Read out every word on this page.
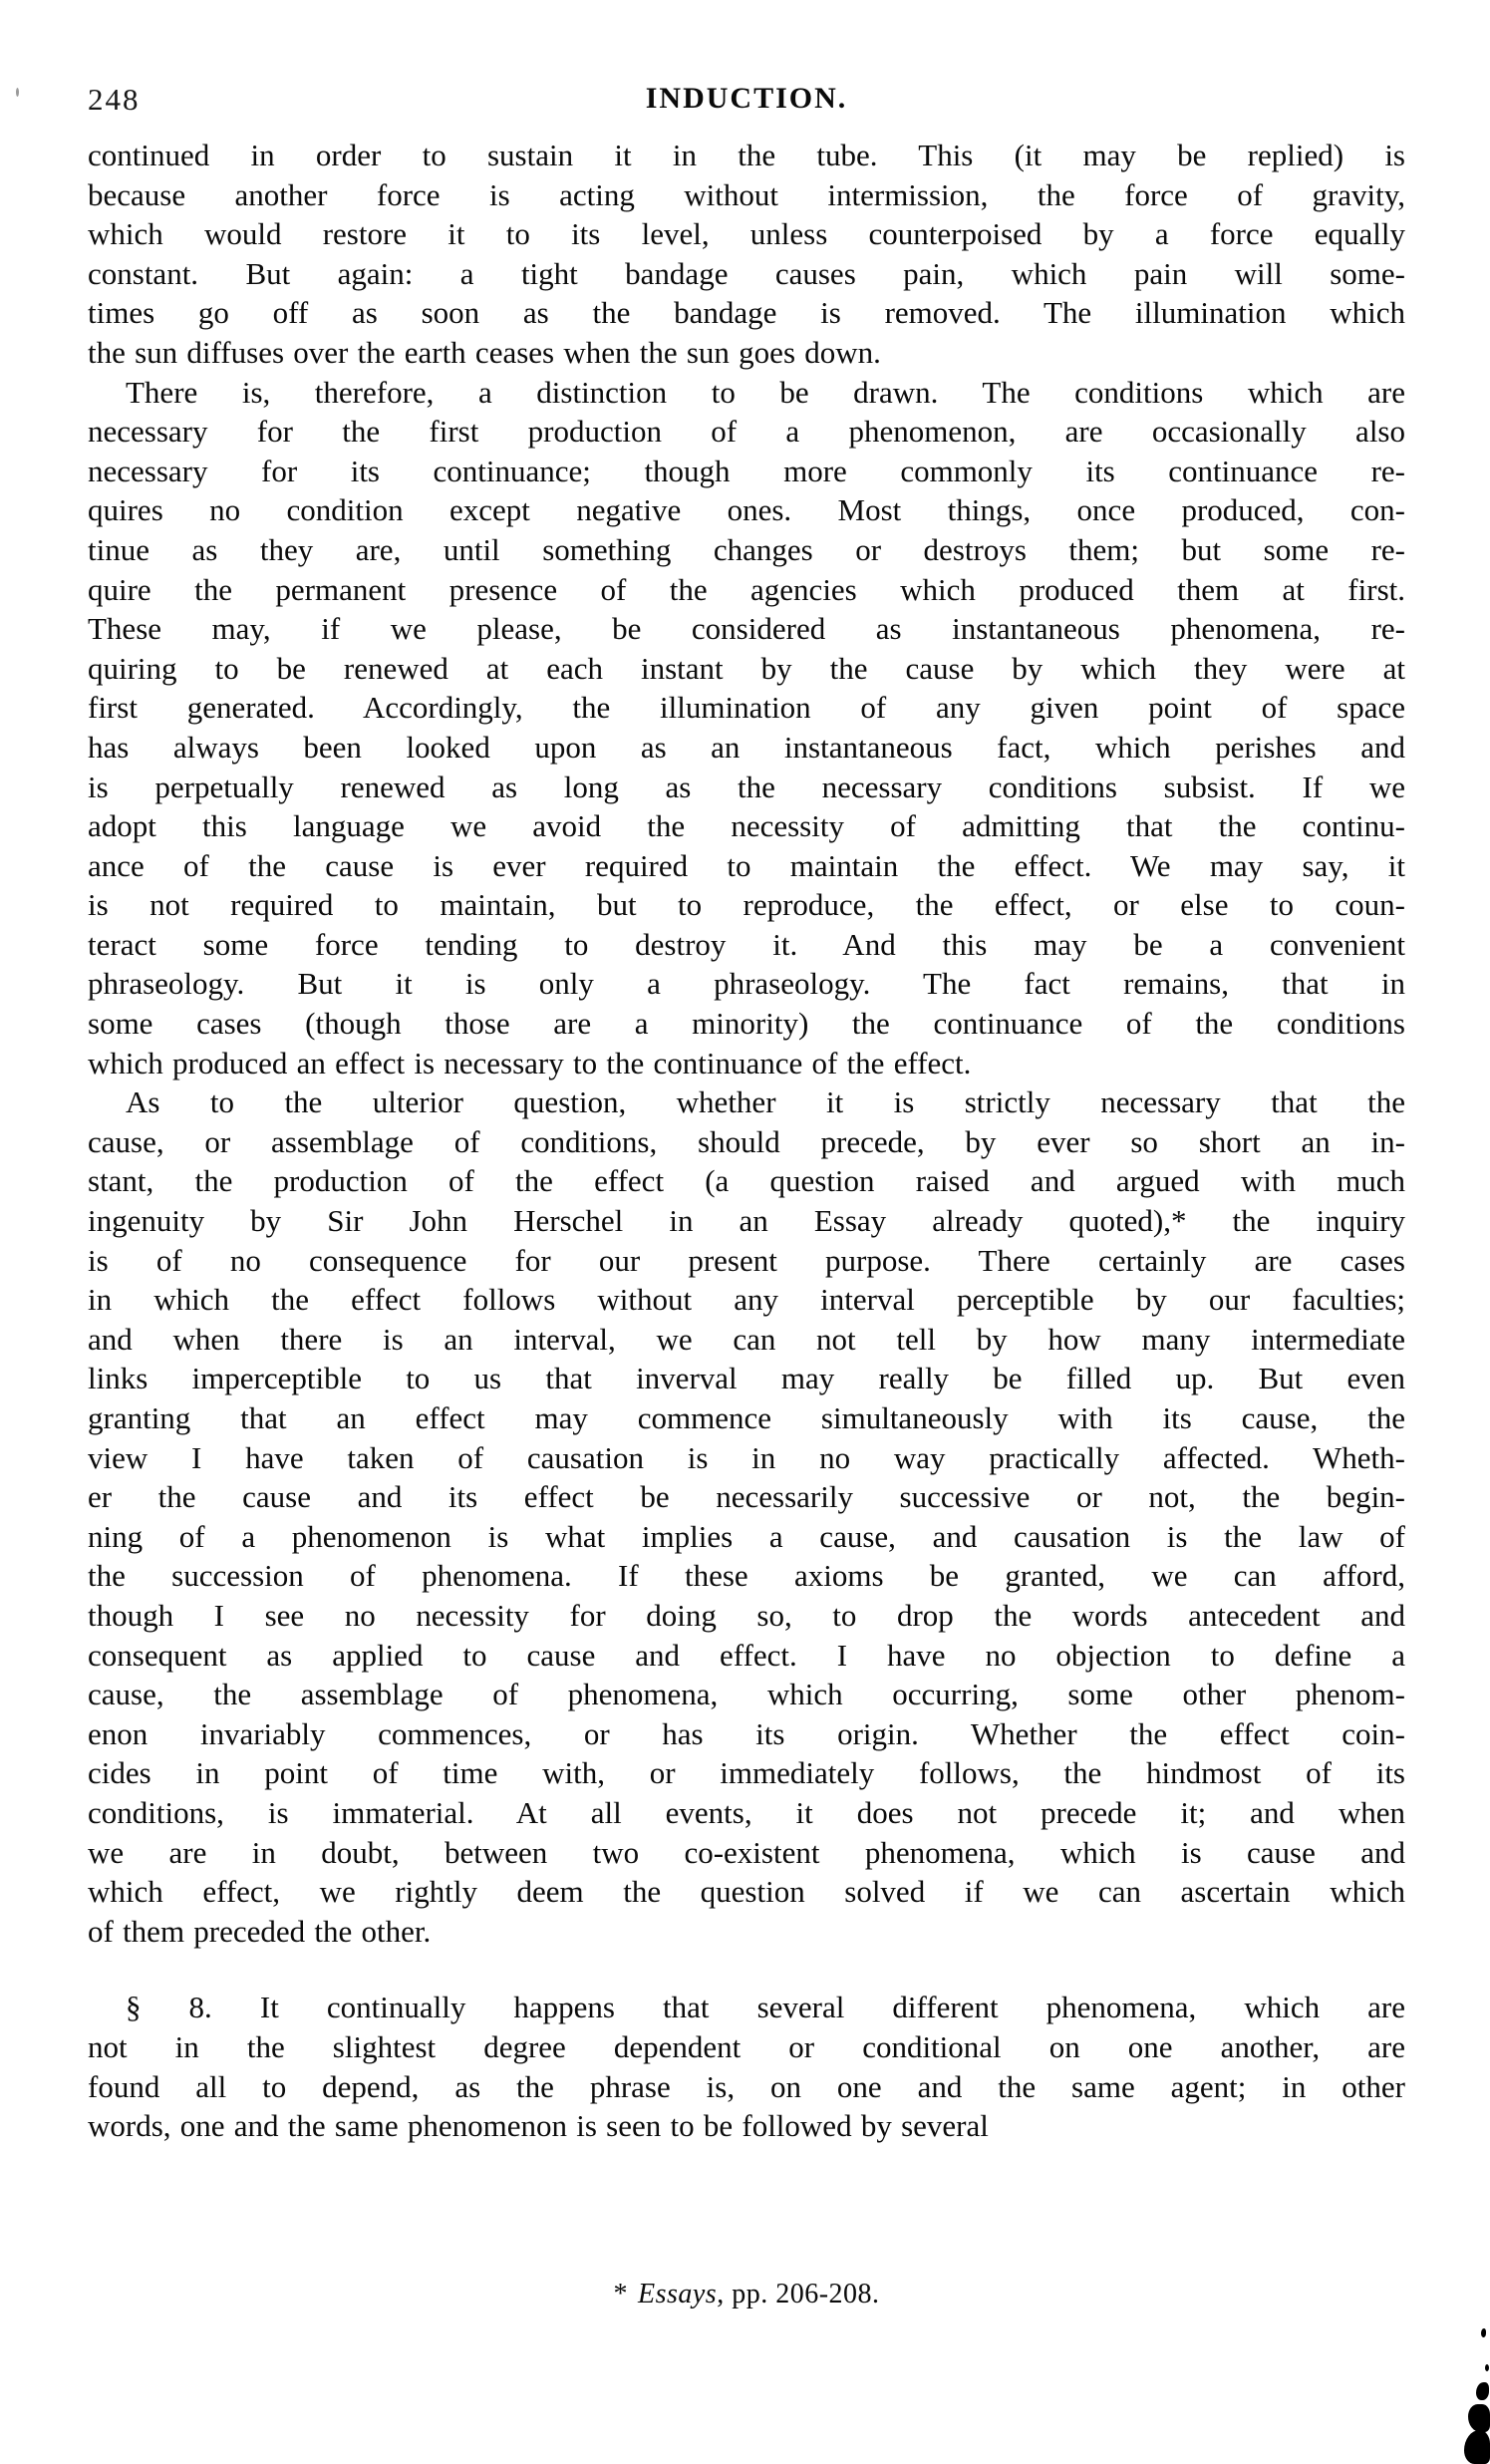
248	INDUCTION.
continued in order to sustain it in the tube. This (it may be replied) is
because another force is acting without intermission, the force of gravity,
which would restore it to its level, unless counterpoised by a force equally
constant. But again: a tight bandage causes pain, which pain will some-
times go off as soon as the bandage is removed. The illumination which
the sun diffuses over the earth ceases when the sun goes down.
There is, therefore, a distinction to be drawn. The conditions which are
necessary for the first production of a phenomenon, are occasionally also
necessary for its continuance; though more commonly its continuance re-
quires no condition except negative ones. Most things, once produced, con-
tinue as they are, until something changes or destroys them; but some re-
quire the permanent presence of the agencies which produced them at first.
These may, if we please, be considered as instantaneous phenomena, re-
quiring to be renewed at each instant by the cause by which they were at
first generated. Accordingly, the illumination of any given point of space
has always been looked upon as an instantaneous fact, which perishes and
is perpetually renewed as long as the necessary conditions subsist. If we
adopt this language we avoid the necessity of admitting that the continu-
ance of the cause is ever required to maintain the effect. We may say, it
is not required to maintain, but to reproduce, the effect, or else to coun-
teract some force tending to destroy it. And this may be a convenient
phraseology. But it is only a phraseology. The fact remains, that in
some cases (though those are a minority) the continuance of the conditions
which produced an effect is necessary to the continuance of the effect.
As to the ulterior question, whether it is strictly necessary that the
cause, or assemblage of conditions, should precede, by ever so short an in-
stant, the production of the effect (a question raised and argued with much
ingenuity by Sir John Herschel in an Essay already quoted),* the inquiry
is of no consequence for our present purpose. There certainly are cases
in which the effect follows without any interval perceptible by our faculties;
and when there is an interval, we can not tell by how many intermediate
links imperceptible to us that inverval may really be filled up. But even
granting that an effect may commence simultaneously with its cause, the
view I have taken of causation is in no way practically affected. Wheth-
er the cause and its effect be necessarily successive or not, the begin-
ning of a phenomenon is what implies a cause, and causation is the law of
the succession of phenomena. If these axioms be granted, we can afford,
though I see no necessity for doing so, to drop the words antecedent and
consequent as applied to cause and effect. I have no objection to define a
cause, the assemblage of phenomena, which occurring, some other phenom-
enon invariably commences, or has its origin. Whether the effect coin-
cides in point of time with, or immediately follows, the hindmost of its
conditions, is immaterial. At all events, it does not precede it; and when
we are in doubt, between two co-existent phenomena, which is cause and
which effect, we rightly deem the question solved if we can ascertain which
of them preceded the other.
§ 8. It continually happens that several different phenomena, which are
not in the slightest degree dependent or conditional on one another, are
found all to depend, as the phrase is, on one and the same agent; in other
words, one and the same phenomenon is seen to be followed by several
* Essays, pp. 206-208.
